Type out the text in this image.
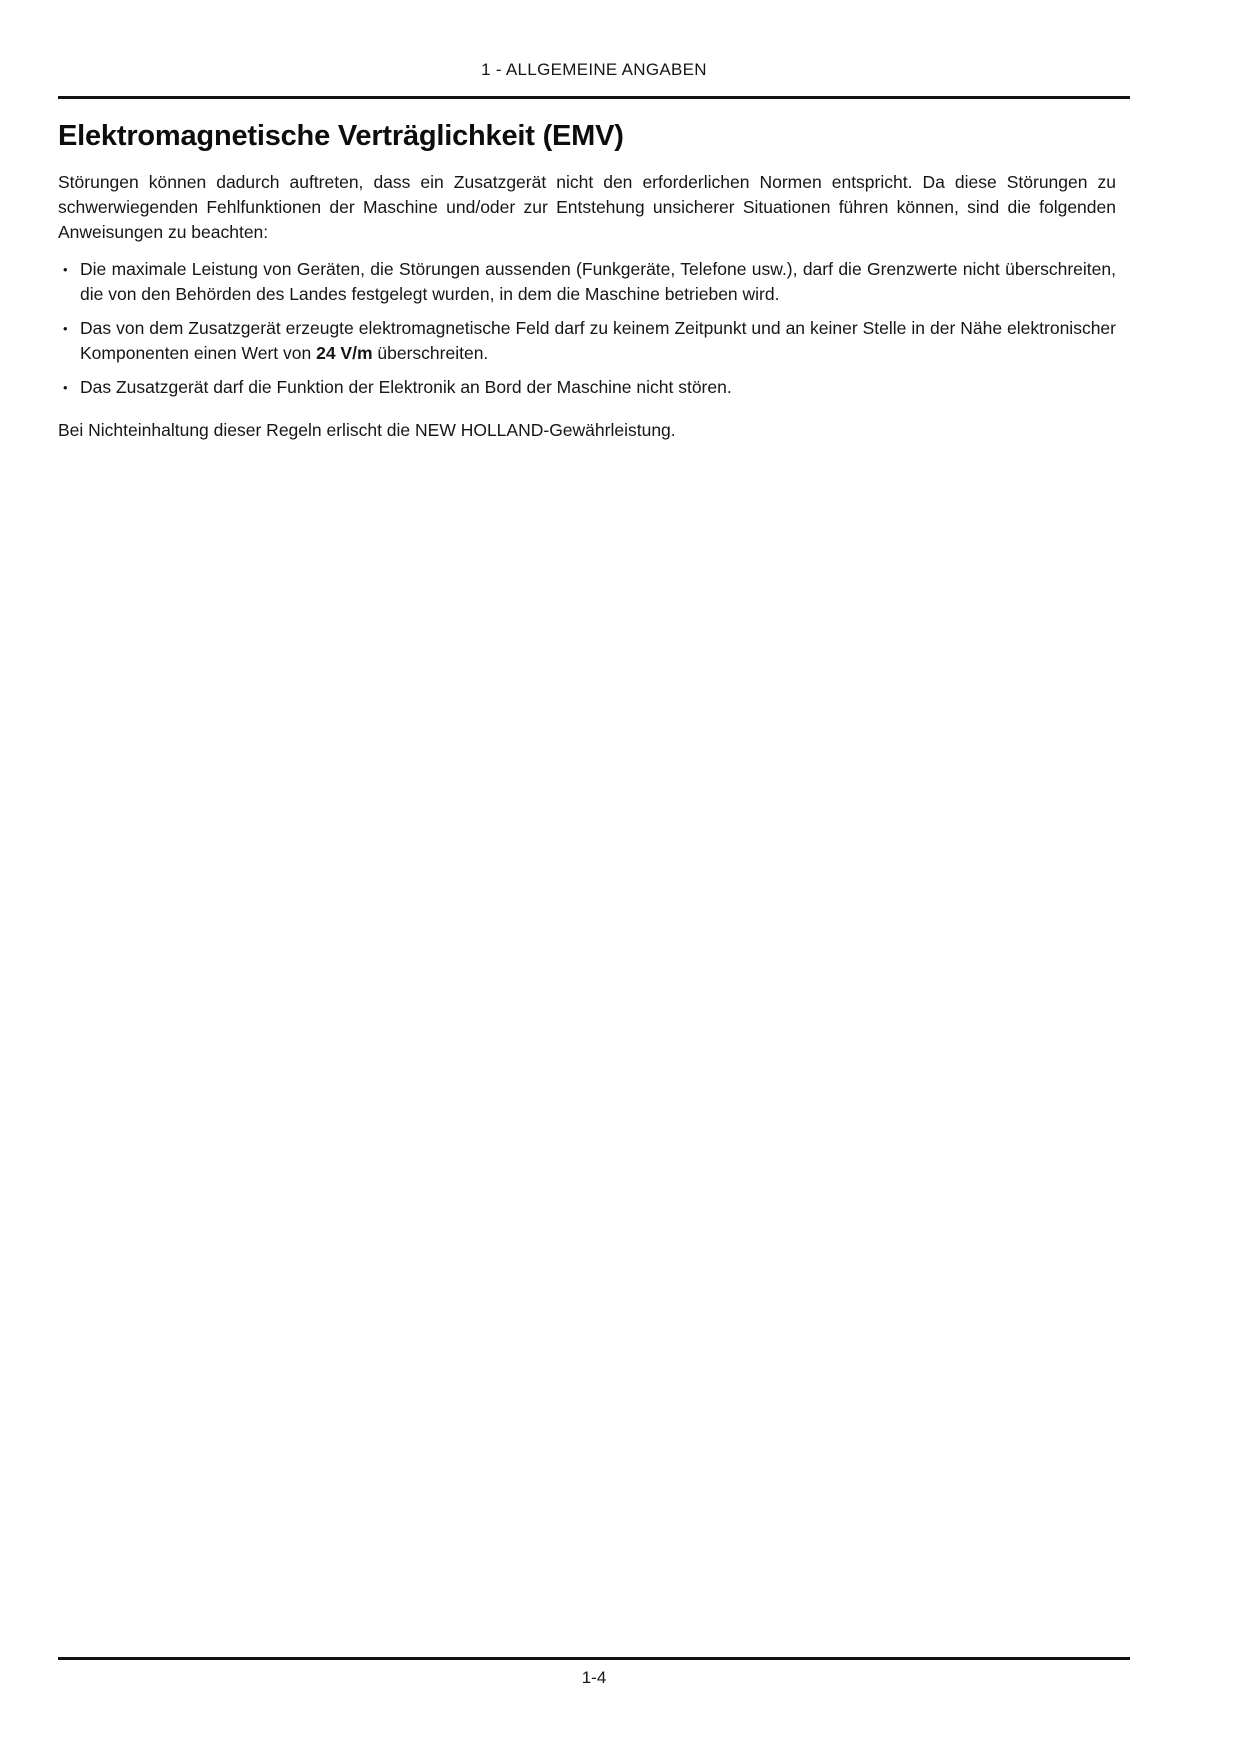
1 - ALLGEMEINE ANGABEN
Elektromagnetische Verträglichkeit (EMV)

Störungen können dadurch auftreten, dass ein Zusatzgerät nicht den erforderlichen Normen entspricht. Da diese Störungen zu schwerwiegenden Fehlfunktionen der Maschine und/oder zur Entstehung unsicherer Situationen führen können, sind die folgenden Anweisungen zu beachten:

• Die maximale Leistung von Geräten, die Störungen aussenden (Funkgeräte, Telefone usw.), darf die Grenzwerte nicht überschreiten, die von den Behörden des Landes festgelegt wurden, in dem die Maschine betrieben wird.
• Das von dem Zusatzgerät erzeugte elektromagnetische Feld darf zu keinem Zeitpunkt und an keiner Stelle in der Nähe elektronischer Komponenten einen Wert von 24 V/m überschreiten.
• Das Zusatzgerät darf die Funktion der Elektronik an Bord der Maschine nicht stören.

Bei Nichteinhaltung dieser Regeln erlischt die NEW HOLLAND-Gewährleistung.

1-4
